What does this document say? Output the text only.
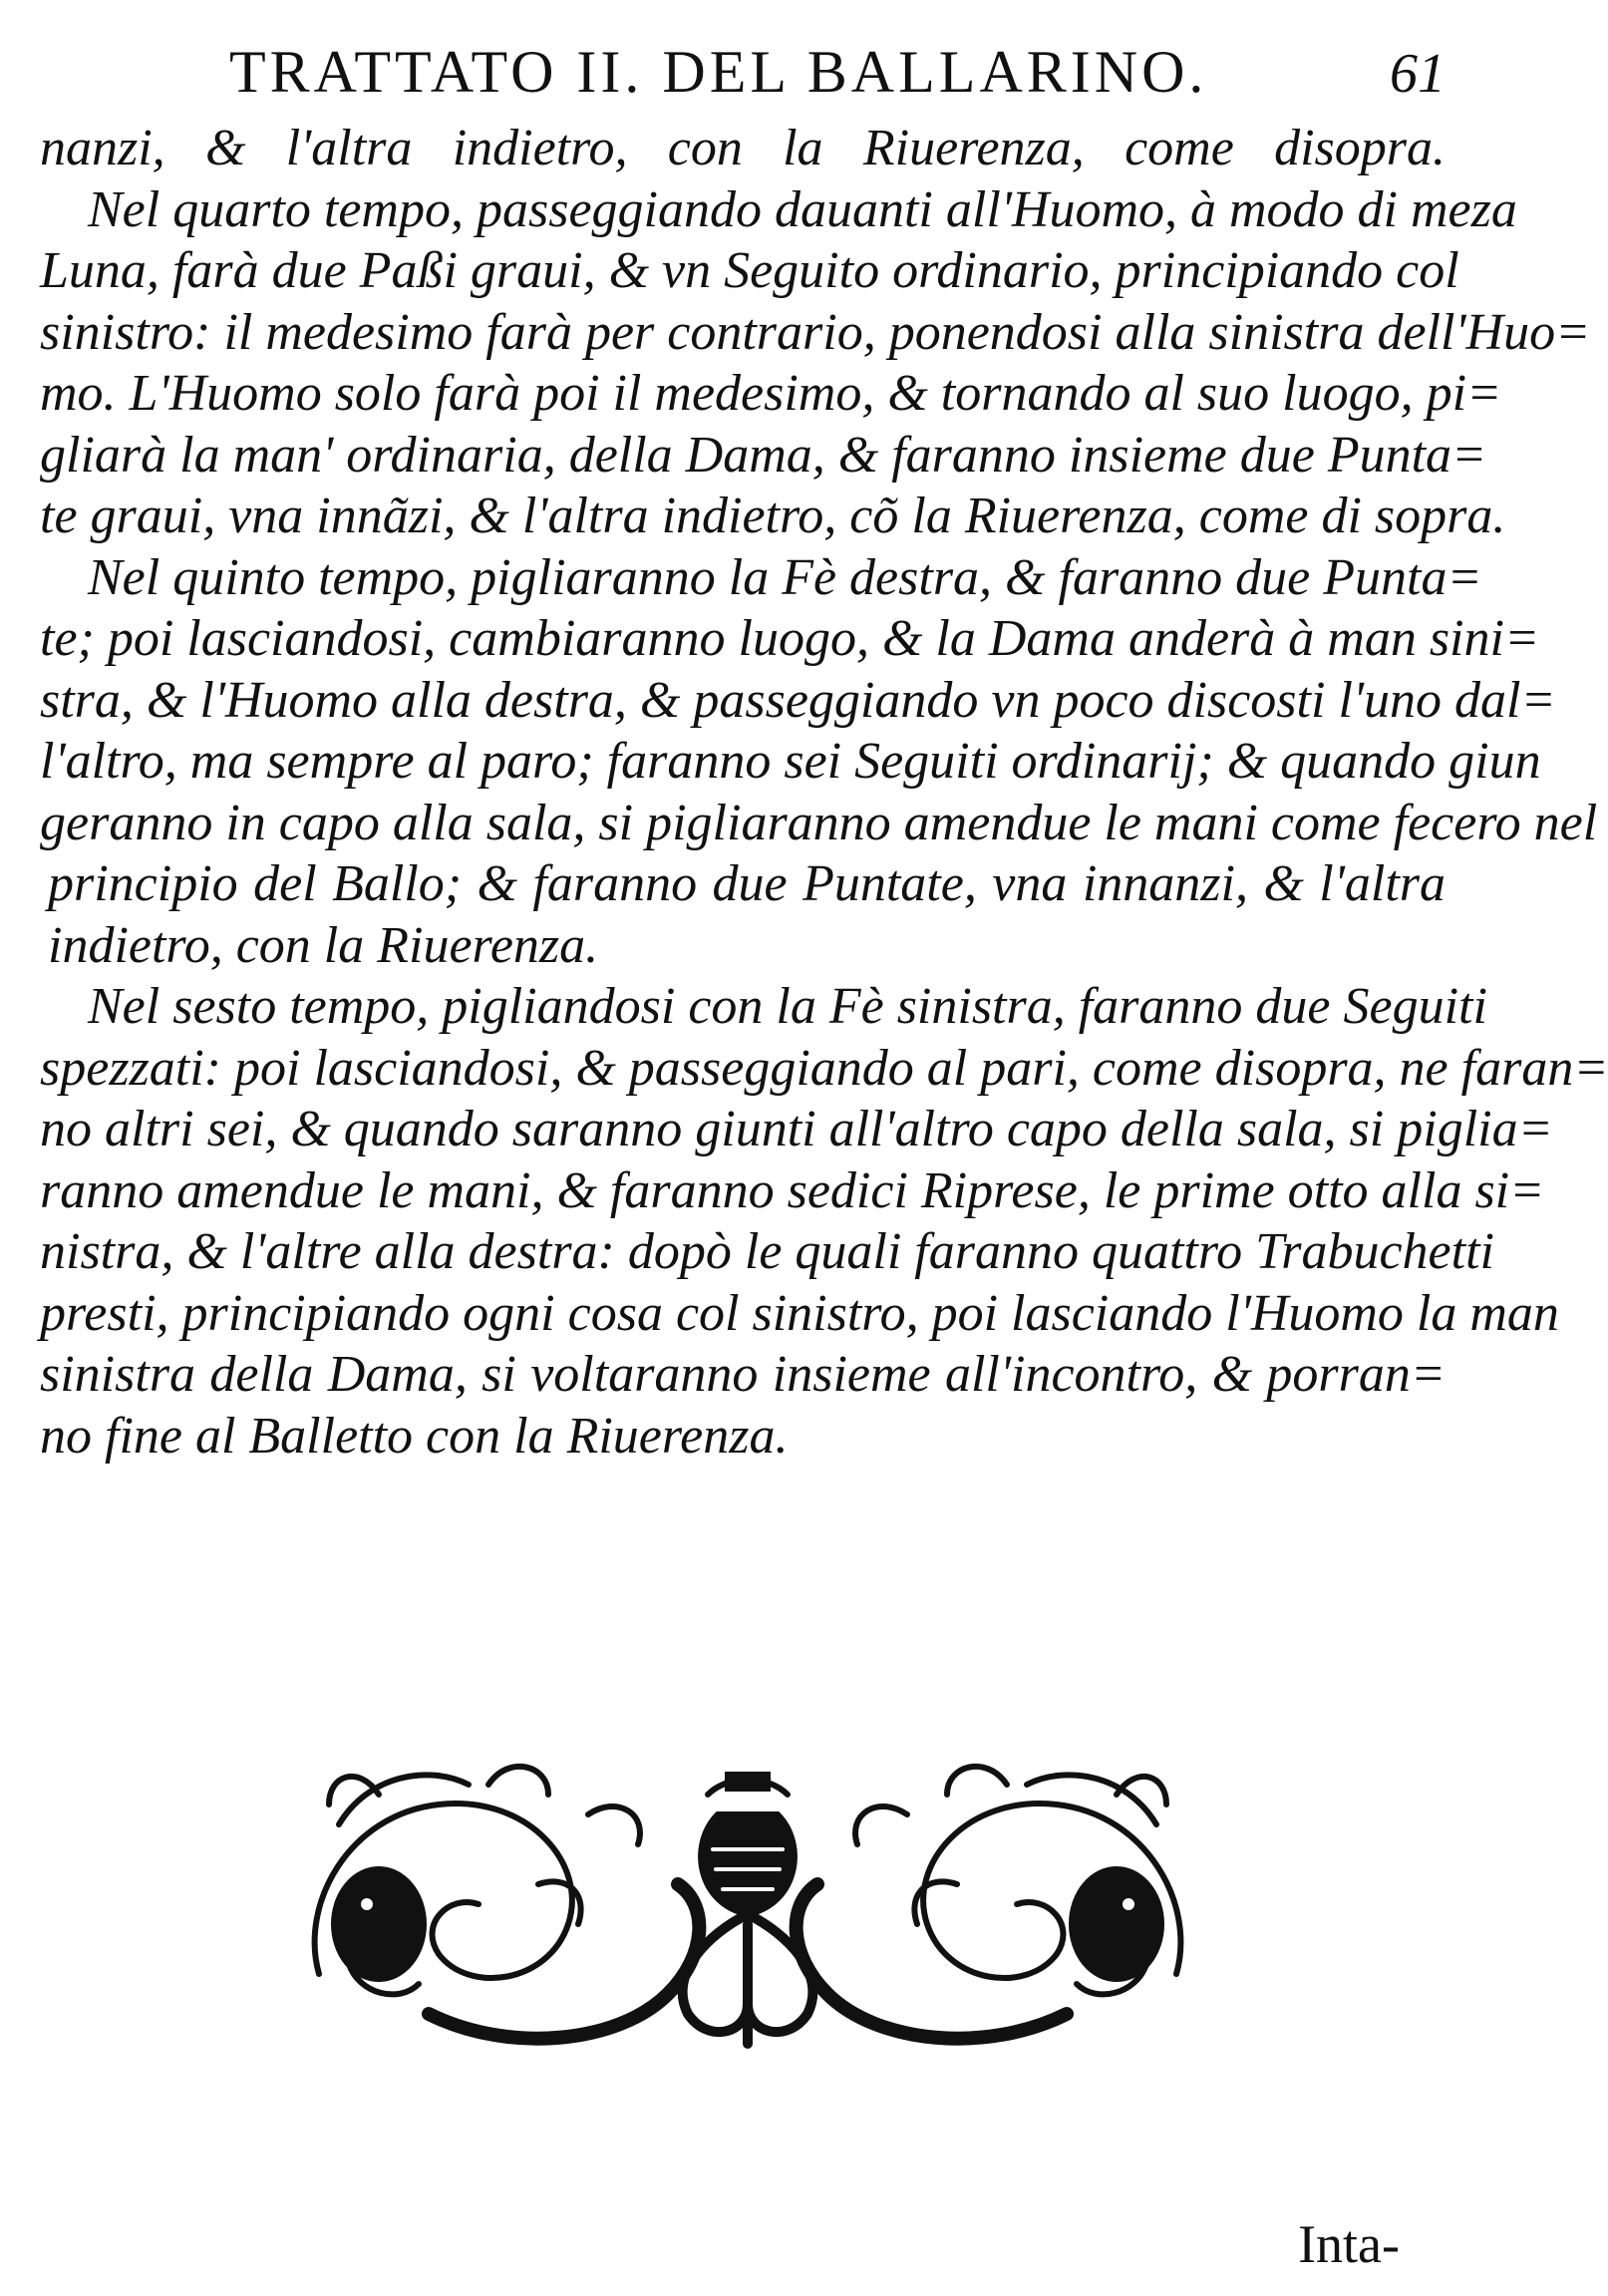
TRATTATO II. DEL BALLARINO.	61
nanzi, & l'altra indietro, con la Riuerenza, come disopra.
Nel quarto tempo, passeggiando dauanti all'Huomo, à modo di meza
Luna, farà due Paßi graui, & vn Seguito ordinario, principiando col
sinistro: il medesimo farà per contrario, ponendosi alla sinistra dell'Huo=
mo. L'Huomo solo farà poi il medesimo, & tornando al suo luogo, pi=
gliarà la man' ordinaria, della Dama, & faranno insieme due Punta=
te graui, vna innãzi, & l'altra indietro, cõ la Riuerenza, come di sopra.
Nel quinto tempo, pigliaranno la Fè destra, & faranno due Punta=
te; poi lasciandosi, cambiaranno luogo, & la Dama anderà à man sini=
stra, & l'Huomo alla destra, & passeggiando vn poco discosti l'uno dal=
l'altro, ma sempre al paro; faranno sei Seguiti ordinarij; & quando giun
geranno in capo alla sala, si pigliaranno amendue le mani come fecero nel
principio del Ballo; & faranno due Puntate, vna innanzi, & l'altra
indietro, con la Riuerenza.
Nel sesto tempo, pigliandosi con la Fè sinistra, faranno due Seguiti
spezzati: poi lasciandosi, & passeggiando al pari, come disopra, ne faran=
no altri sei, & quando saranno giunti all'altro capo della sala, si piglia=
ranno amendue le mani, & faranno sedici Riprese, le prime otto alla si=
nistra, & l'altre alla destra: dopò le quali faranno quattro Trabuchetti
presti, principiando ogni cosa col sinistro, poi lasciando l'Huomo la man
sinistra della Dama, si voltaranno insieme all'incontro, & porran=
no fine al Balletto con la Riuerenza.
Inta-
